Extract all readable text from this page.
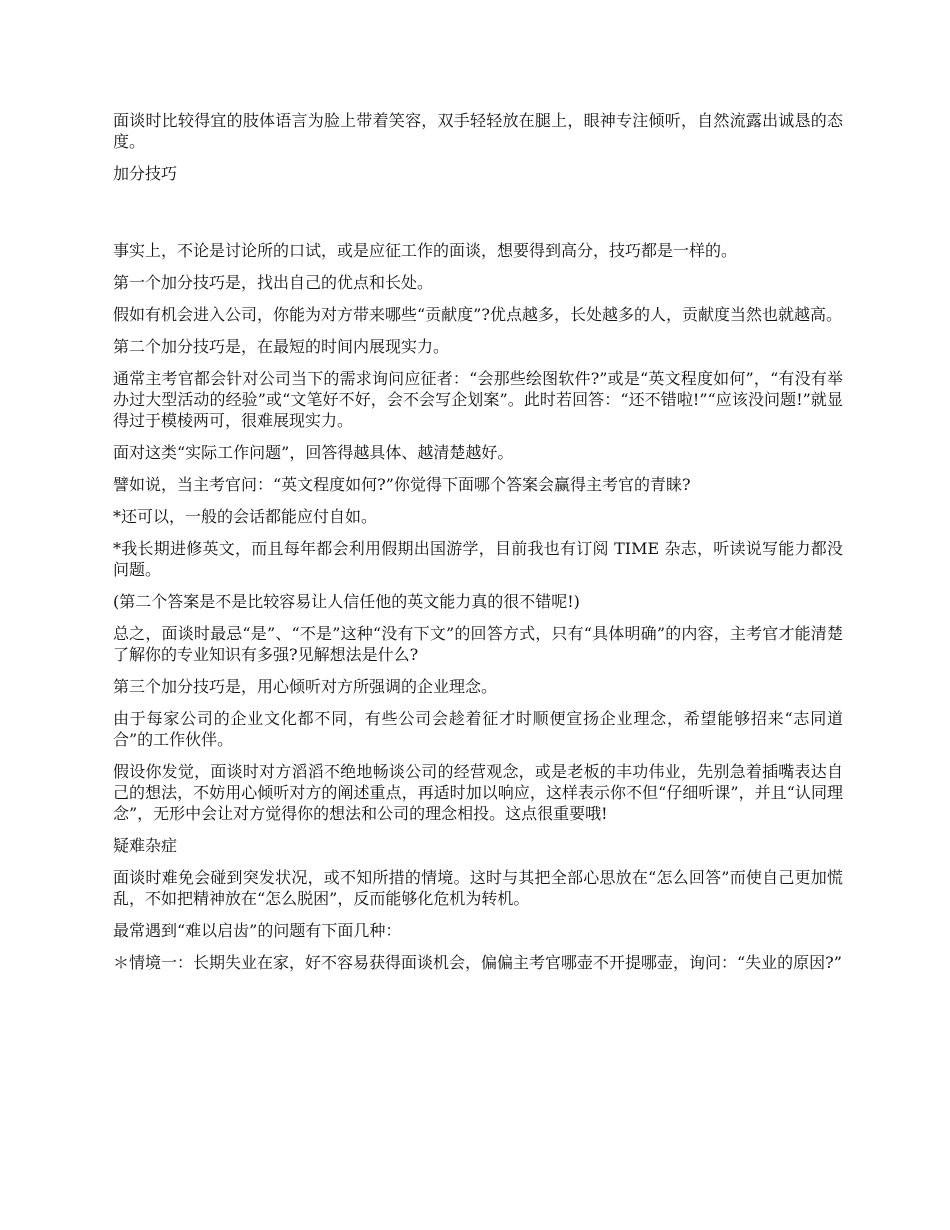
面谈时比较得宜的肢体语言为脸上带着笑容，双手轻轻放在腿上，眼神专注倾听，自然流露出诚恳的态度。

加分技巧

事实上，不论是讨论所的口试，或是应征工作的面谈，想要得到高分，技巧都是一样的。

第一个加分技巧是，找出自己的优点和长处。

假如有机会进入公司，你能为对方带来哪些“贡献度”?优点越多，长处越多的人，贡献度当然也就越高。

第二个加分技巧是，在最短的时间内展现实力。

通常主考官都会针对公司当下的需求询问应征者：“会那些绘图软件?”或是“英文程度如何”，“有没有举办过大型活动的经验”或“文笔好不好，会不会写企划案”。此时若回答：“还不错啦!”“应该没问题!”就显得过于模棱两可，很难展现实力。

面对这类“实际工作问题”，回答得越具体、越清楚越好。

譬如说，当主考官问：“英文程度如何?”你觉得下面哪个答案会赢得主考官的青睐?

*还可以，一般的会话都能应付自如。

*我长期进修英文，而且每年都会利用假期出国游学，目前我也有订阅 TIME 杂志，听读说写能力都没问题。

(第二个答案是不是比较容易让人信任他的英文能力真的很不错呢!)

总之，面谈时最忌“是”、“不是”这种“没有下文”的回答方式，只有“具体明确”的内容，主考官才能清楚了解你的专业知识有多强?见解想法是什么?

第三个加分技巧是，用心倾听对方所强调的企业理念。

由于每家公司的企业文化都不同，有些公司会趁着征才时顺便宣扬企业理念，希望能够招来“志同道合”的工作伙伴。

假设你发觉，面谈时对方滔滔不绝地畅谈公司的经营观念，或是老板的丰功伟业，先别急着插嘴表达自己的想法，不妨用心倾听对方的阐述重点，再适时加以响应，这样表示你不但“仔细听课”，并且“认同理念”，无形中会让对方觉得你的想法和公司的理念相投。这点很重要哦!

疑难杂症

面谈时难免会碰到突发状况，或不知所措的情境。这时与其把全部心思放在“怎么回答”而使自己更加慌乱，不如把精神放在“怎么脱困”，反而能够化危机为转机。

最常遇到“难以启齿”的问题有下面几种：

＊情境一：长期失业在家，好不容易获得面谈机会，偏偏主考官哪壶不开提哪壶，询问：“失业的原因?”
